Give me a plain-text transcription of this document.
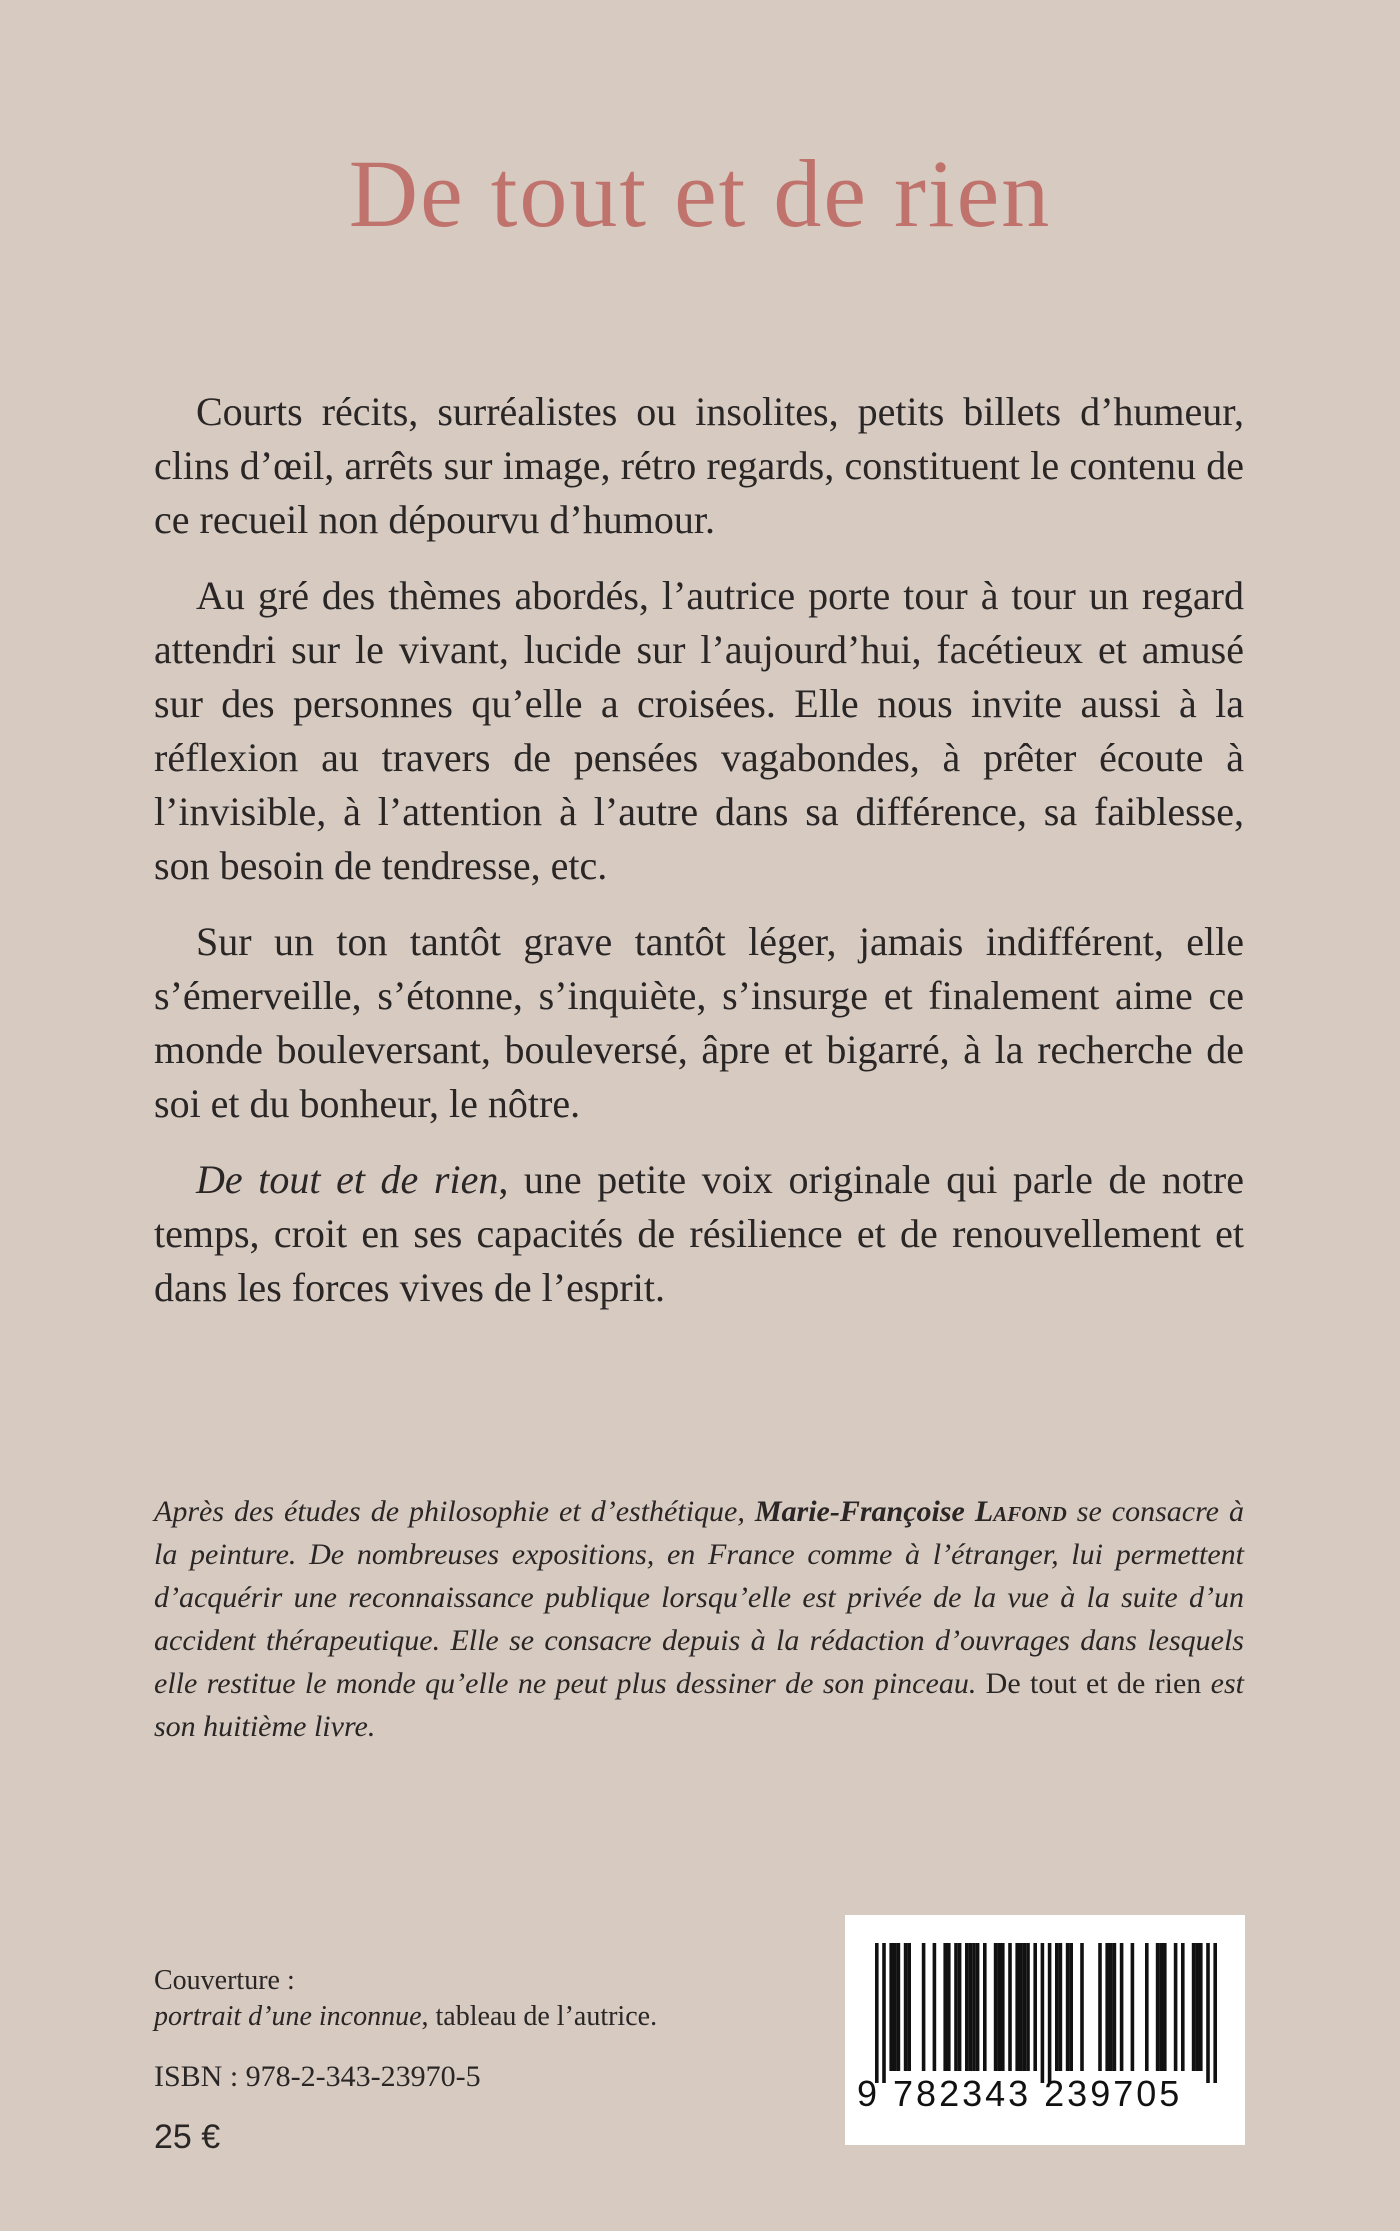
De tout et de rien

Courts récits, surréalistes ou insolites, petits billets d’humeur, clins d’œil, arrêts sur image, rétro regards, constituent le contenu de ce recueil non dépourvu d’humour.

Au gré des thèmes abordés, l’autrice porte tour à tour un regard attendri sur le vivant, lucide sur l’aujourd’hui, facétieux et amusé sur des personnes qu’elle a croisées. Elle nous invite aussi à la réflexion au travers de pensées vagabondes, à prêter écoute à l’invisible, à l’attention à l’autre dans sa différence, sa faiblesse, son besoin de tendresse, etc.

Sur un ton tantôt grave tantôt léger, jamais indifférent, elle s’émerveille, s’étonne, s’inquiète, s’insurge et finalement aime ce monde bouleversant, bouleversé, âpre et bigarré, à la recherche de soi et du bonheur, le nôtre.

De tout et de rien, une petite voix originale qui parle de notre temps, croit en ses capacités de résilience et de renouvellement et dans les forces vives de l’esprit.

Après des études de philosophie et d’esthétique, Marie-Françoise Lafond se consacre à la peinture. De nombreuses expositions, en France comme à l’étranger, lui permettent d’acquérir une reconnaissance publique lorsqu’elle est privée de la vue à la suite d’un accident thérapeutique. Elle se consacre depuis à la rédaction d’ouvrages dans lesquels elle restitue le monde qu’elle ne peut plus dessiner de son pinceau. De tout et de rien est son huitième livre.
Couverture :
portrait d’une inconnue, tableau de l’autrice.
ISBN : 978-2-343-23970-5
25 €
9 782343 239705
